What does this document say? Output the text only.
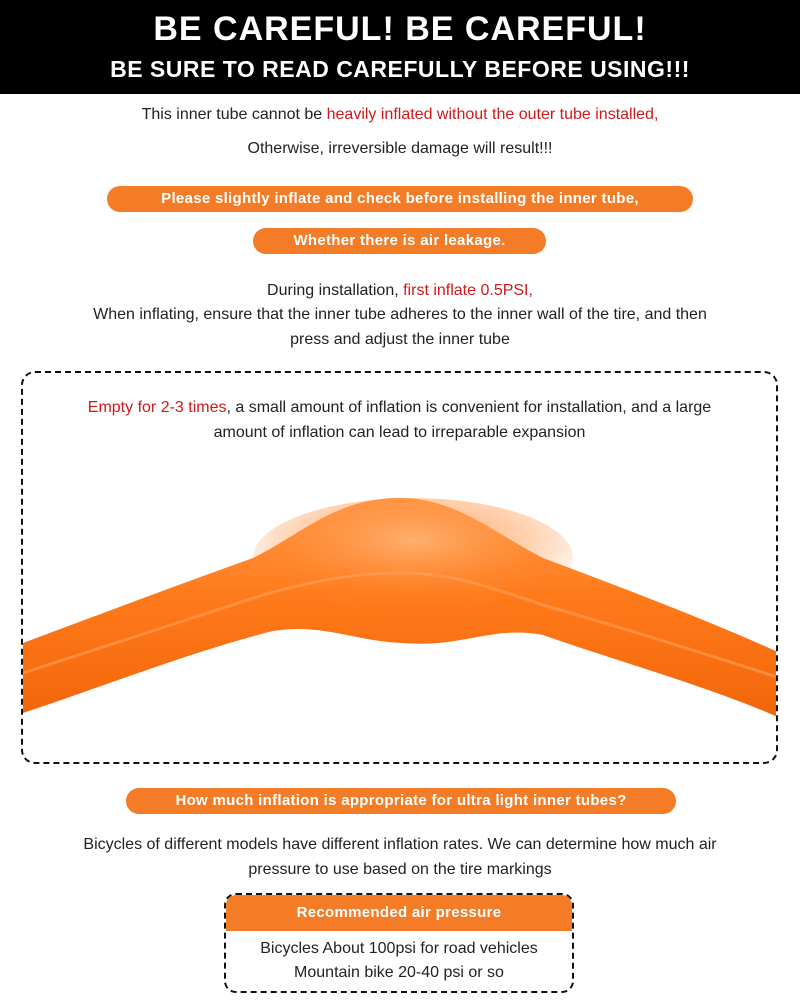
BE CAREFUL! BE CAREFUL!
BE SURE TO READ CAREFULLY BEFORE USING!!!
This inner tube cannot be heavily inflated without the outer tube installed,
Otherwise, irreversible damage will result!!!
Please slightly inflate and check before installing the inner tube,
Whether there is air leakage.
During installation, first inflate 0.5PSI,
When inflating, ensure that the inner tube adheres to the inner wall of the tire, and then
press and adjust the inner tube
Empty for 2-3 times, a small amount of inflation is convenient for installation, and a large
amount of inflation can lead to irreparable expansion
How much inflation is appropriate for ultra light inner tubes?
Bicycles of different models have different inflation rates. We can determine how much air
pressure to use based on the tire markings
Recommended air pressure
Bicycles About 100psi for road vehicles
Mountain bike 20-40 psi or so
